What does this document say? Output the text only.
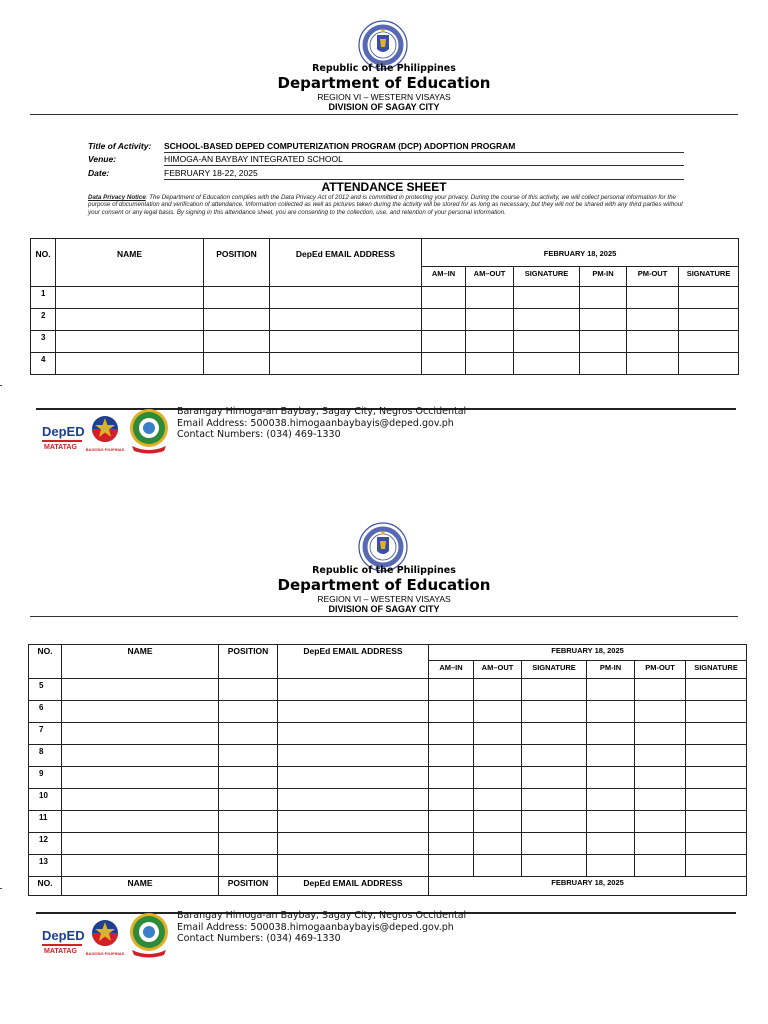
Republic of the Philippines
Department of Education
REGION VI – WESTERN VISAYAS
DIVISION OF SAGAY CITY
Title of Activity: SCHOOL-BASED DEPED COMPUTERIZATION PROGRAM (DCP) ADOPTION PROGRAM
Venue:	HIMOGA-AN BAYBAY INTEGRATED SCHOOL
Date:	FEBRUARY 18-22, 2025
ATTENDANCE SHEET
Data Privacy Notice: The Department of Education complies with the Data Privacy Act of 2012 and is committed in protecting your privacy. During the course of this activity, we will collect personal information for the purpose of documentation and verification of attendance. Information collected as well as pictures taken during the activity will be stored for as long as necessary, but they will not be shared with any third parties without your consent or any legal basis. By signing in this attendance sheet, you are consenting to the collection, use, and retention of your personal information.
NO.	NAME	POSITION	DepEd EMAIL ADDRESS	FEBRUARY 18, 2025					
				AM–IN	AM–OUT	SIGNATURE	PM-IN	PM-OUT	SIGNATURE
1									
2									
3									
4									
DepED
MATATAG BAGONG PILIPINAS
Barangay Himoga-an Baybay, Sagay City, Negros Occidental
Email Address: 500038.himogaanbaybayis@deped.gov.ph
Contact Numbers: (034) 469-1330
Republic of the Philippines
Department of Education
REGION VI – WESTERN VISAYAS
DIVISION OF SAGAY CITY
NO.	NAME	POSITION	DepEd EMAIL ADDRESS	FEBRUARY 18, 2025					
				AM–IN	AM–OUT	SIGNATURE	PM-IN	PM-OUT	SIGNATURE
5									
6									
7									
8									
9									
10									
11									
12									
13									
NO.	NAME	POSITION	DepEd EMAIL ADDRESS	FEBRUARY 18, 2025					
DepED
MATATAG BAGONG PILIPINAS
Barangay Himoga-an Baybay, Sagay City, Negros Occidental
Email Address: 500038.himogaanbaybayis@deped.gov.ph
Contact Numbers: (034) 469-1330
